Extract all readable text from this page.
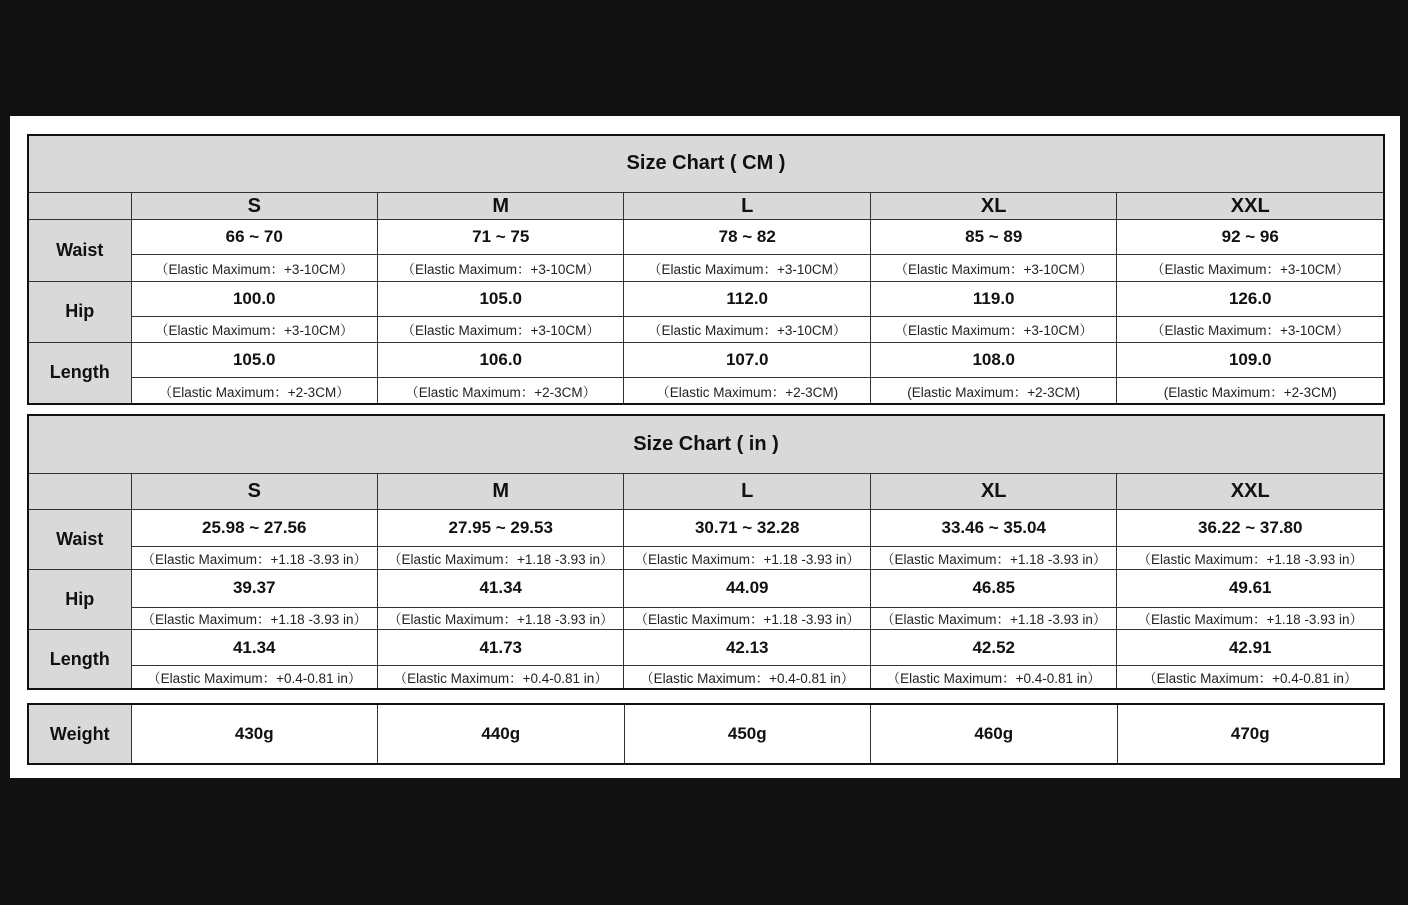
Size Chart ( CM )					
	S	M	L	XL	XXL
Waist	66 ~ 70	71 ~ 75	78 ~ 82	85 ~ 89	92 ~ 96
	（Elastic Maximum：+3-10CM）	（Elastic Maximum：+3-10CM）	（Elastic Maximum：+3-10CM）	（Elastic Maximum：+3-10CM）	（Elastic Maximum：+3-10CM）
Hip	100.0	105.0	112.0	119.0	126.0
	（Elastic Maximum：+3-10CM）	（Elastic Maximum：+3-10CM）	（Elastic Maximum：+3-10CM）	（Elastic Maximum：+3-10CM）	（Elastic Maximum：+3-10CM）
Length	105.0	106.0	107.0	108.0	109.0
	（Elastic Maximum：+2-3CM）	（Elastic Maximum：+2-3CM）	（Elastic Maximum：+2-3CM)	(Elastic Maximum：+2-3CM)	(Elastic Maximum：+2-3CM)
Size Chart ( in )					
	S	M	L	XL	XXL
Waist	25.98 ~ 27.56	27.95 ~ 29.53	30.71 ~ 32.28	33.46 ~ 35.04	36.22 ~ 37.80
	（Elastic Maximum：+1.18 -3.93 in）	（Elastic Maximum：+1.18 -3.93 in）	（Elastic Maximum：+1.18 -3.93 in）	（Elastic Maximum：+1.18 -3.93 in）	（Elastic Maximum：+1.18 -3.93 in）
Hip	39.37	41.34	44.09	46.85	49.61
	（Elastic Maximum：+1.18 -3.93 in）	（Elastic Maximum：+1.18 -3.93 in）	（Elastic Maximum：+1.18 -3.93 in）	（Elastic Maximum：+1.18 -3.93 in）	（Elastic Maximum：+1.18 -3.93 in）
Length	41.34	41.73	42.13	42.52	42.91
	（Elastic Maximum：+0.4-0.81 in）	（Elastic Maximum：+0.4-0.81 in）	（Elastic Maximum：+0.4-0.81 in）	（Elastic Maximum：+0.4-0.81 in）	（Elastic Maximum：+0.4-0.81 in）
Weight	430g	440g	450g	460g	470g
